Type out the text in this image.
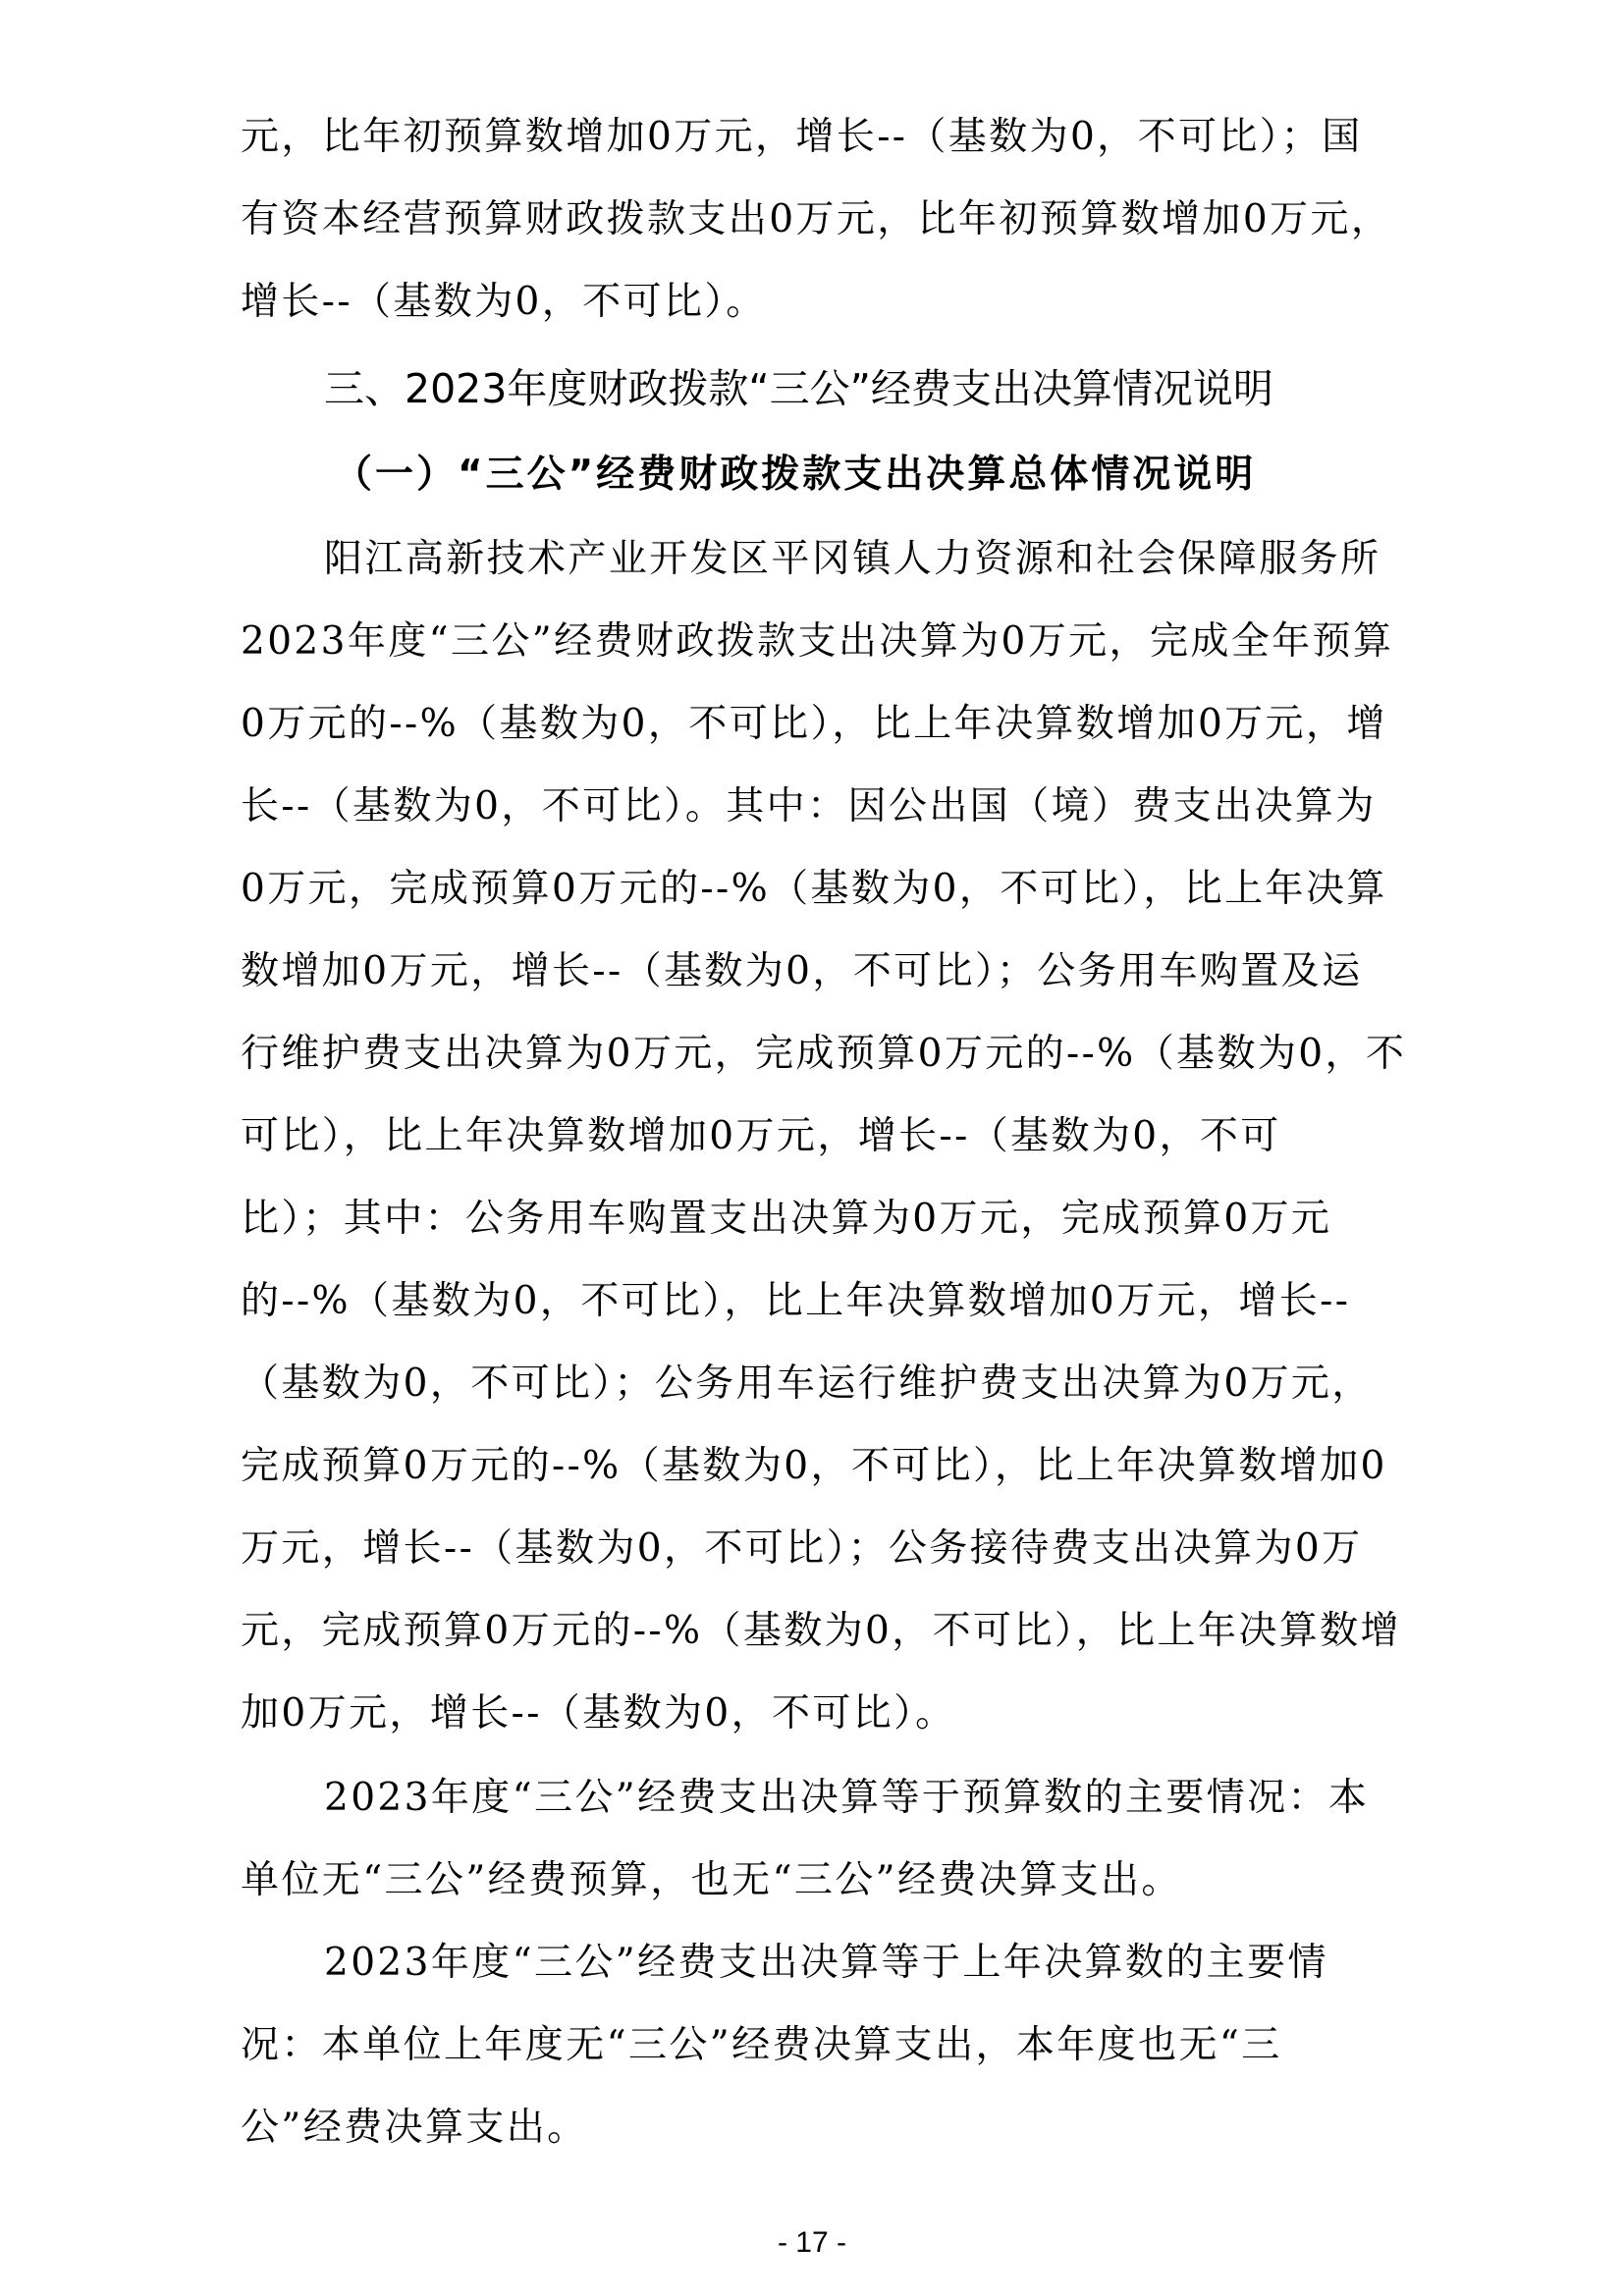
元，比年初预算数增加0万元，增长--（基数为0，不可比）；国
有资本经营预算财政拨款支出0万元，比年初预算数增加0万元，
增长--（基数为0，不可比）。
三、2023年度财政拨款“三公”经费支出决算情况说明
（一）“三公”经费财政拨款支出决算总体情况说明
阳江高新技术产业开发区平冈镇人力资源和社会保障服务所
2023年度“三公”经费财政拨款支出决算为0万元，完成全年预算
0万元的--%（基数为0，不可比），比上年决算数增加0万元，增
长--（基数为0，不可比）。其中：因公出国（境）费支出决算为
0万元，完成预算0万元的--%（基数为0，不可比），比上年决算
数增加0万元，增长--（基数为0，不可比）；公务用车购置及运
行维护费支出决算为0万元，完成预算0万元的--%（基数为0，不
可比），比上年决算数增加0万元，增长--（基数为0，不可
比）；其中：公务用车购置支出决算为0万元，完成预算0万元
的--%（基数为0，不可比），比上年决算数增加0万元，增长--
（基数为0，不可比）；公务用车运行维护费支出决算为0万元，
完成预算0万元的--%（基数为0，不可比），比上年决算数增加0
万元，增长--（基数为0，不可比）；公务接待费支出决算为0万
元，完成预算0万元的--%（基数为0，不可比），比上年决算数增
加0万元，增长--（基数为0，不可比）。
2023年度“三公”经费支出决算等于预算数的主要情况：本
单位无“三公”经费预算，也无“三公”经费决算支出。
2023年度“三公”经费支出决算等于上年决算数的主要情
况：本单位上年度无“三公”经费决算支出，本年度也无“三
公”经费决算支出。
- 17 -
